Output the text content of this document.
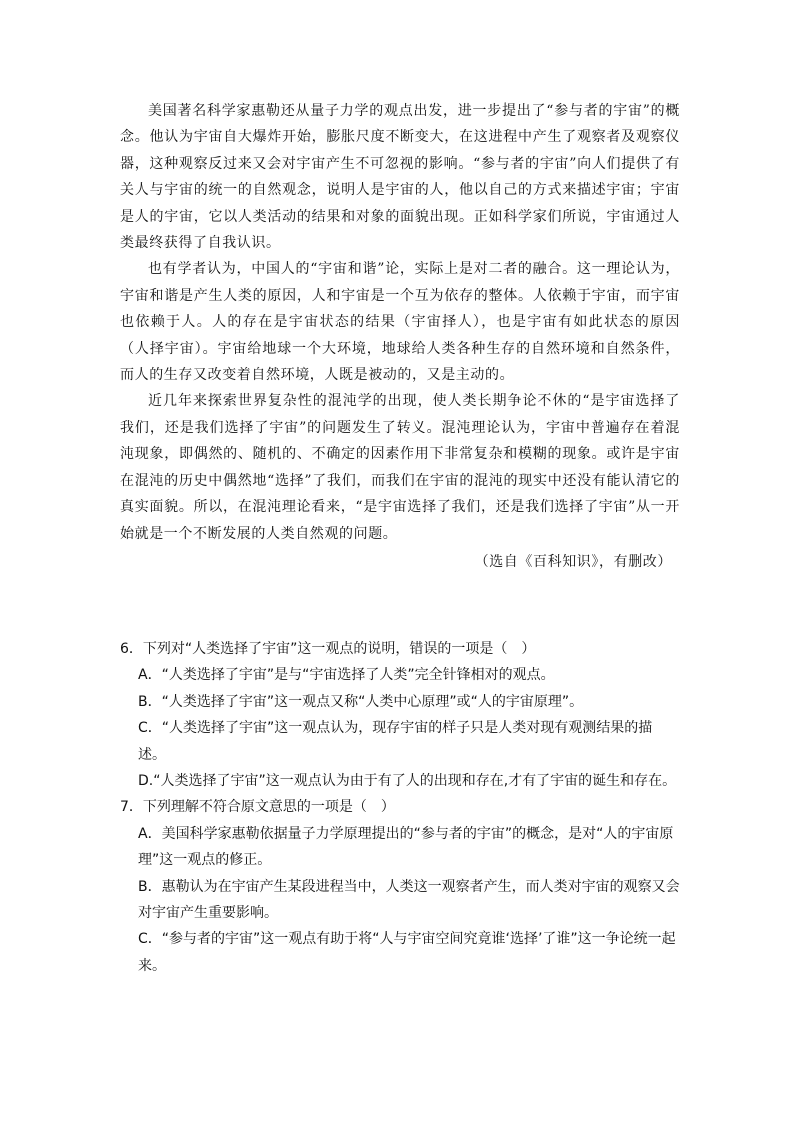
美国著名科学家惠勒还从量子力学的观点出发，进一步提出了“参与者的宇宙”的概念。他认为宇宙自大爆炸开始，膨胀尺度不断变大，在这进程中产生了观察者及观察仪器，这种观察反过来又会对宇宙产生不可忽视的影响。“参与者的宇宙”向人们提供了有关人与宇宙的统一的自然观念，说明人是宇宙的人，他以自己的方式来描述宇宙；宇宙是人的宇宙，它以人类活动的结果和对象的面貌出现。正如科学家们所说，宇宙通过人类最终获得了自我认识。

也有学者认为，中国人的“宇宙和谐”论，实际上是对二者的融合。这一理论认为，宇宙和谐是产生人类的原因，人和宇宙是一个互为依存的整体。人依赖于宇宙，而宇宙也依赖于人。人的存在是宇宙状态的结果（宇宙择人），也是宇宙有如此状态的原因（人择宇宙）。宇宙给地球一个大环境，地球给人类各种生存的自然环境和自然条件，而人的生存又改变着自然环境，人既是被动的，又是主动的。

近几年来探索世界复杂性的混沌学的出现，使人类长期争论不休的“是宇宙选择了我们，还是我们选择了宇宙”的问题发生了转义。混沌理论认为，宇宙中普遍存在着混沌现象，即偶然的、随机的、不确定的因素作用下非常复杂和模糊的现象。或许是宇宙在混沌的历史中偶然地“选择”了我们，而我们在宇宙的混沌的现实中还没有能认清它的真实面貌。所以，在混沌理论看来，“是宇宙选择了我们，还是我们选择了宇宙”从一开始就是一个不断发展的人类自然观的问题。

（选自《百科知识》，有删改）

6．下列对“人类选择了宇宙”这一观点的说明，错误的一项是（　）

A．“人类选择了宇宙”是与“宇宙选择了人类”完全针锋相对的观点。

B．“人类选择了宇宙”这一观点又称“人类中心原理”或“人的宇宙原理”。

C．“人类选择了宇宙”这一观点认为，现存宇宙的样子只是人类对现有观测结果的描述。

D.“人类选择了宇宙”这一观点认为由于有了人的出现和存在,才有了宇宙的诞生和存在。

7．下列理解不符合原文意思的一项是（　）

A．美国科学家惠勒依据量子力学原理提出的“参与者的宇宙”的概念，是对“人的宇宙原理”这一观点的修正。

B．惠勒认为在宇宙产生某段进程当中，人类这一观察者产生，而人类对宇宙的观察又会对宇宙产生重要影响。

C．“参与者的宇宙”这一观点有助于将“人与宇宙空间究竟谁‘选择’了谁”这一争论统一起来。
